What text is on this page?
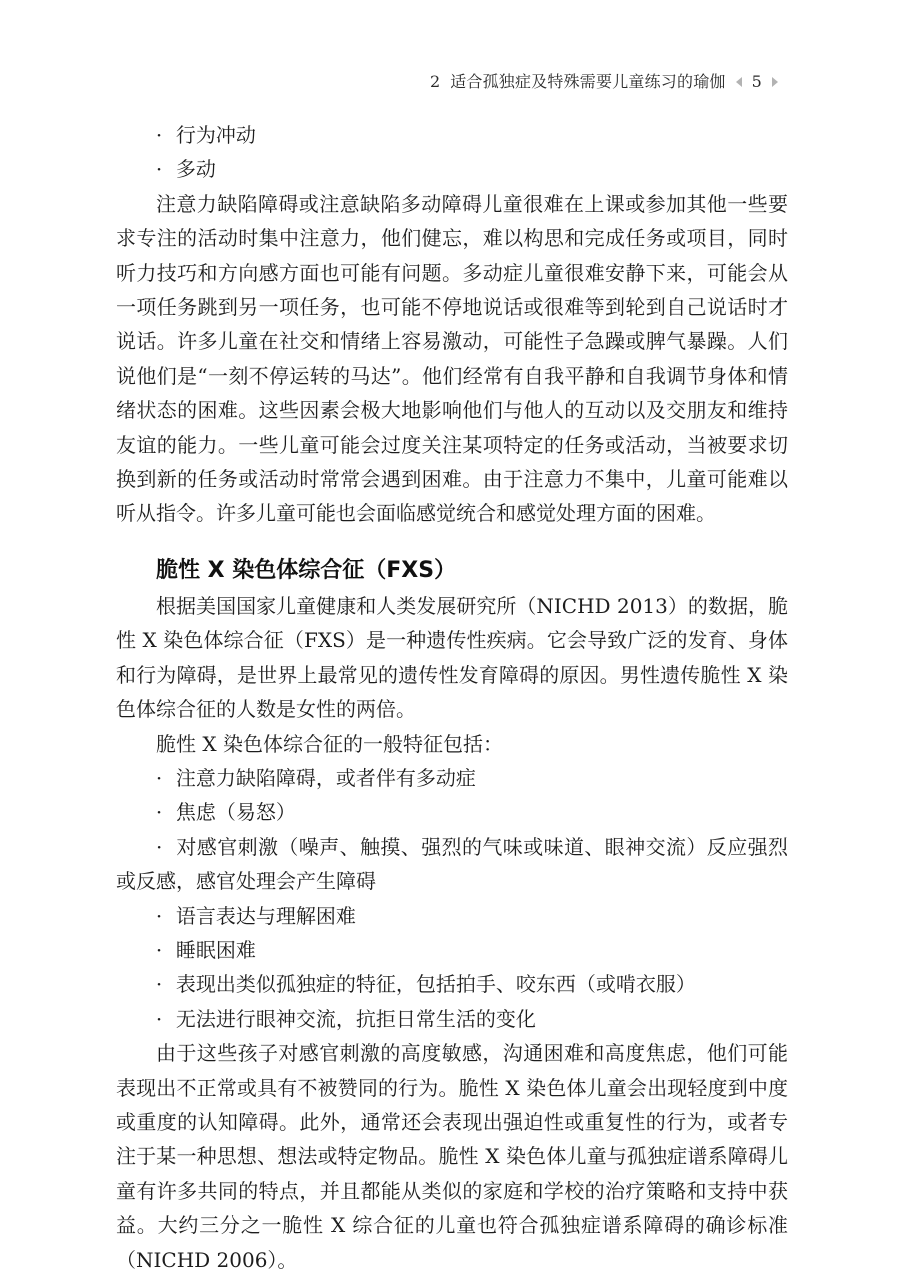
2 适合孤独症及特殊需要儿童练习的瑜伽 5

· 行为冲动

· 多动

注意力缺陷障碍或注意缺陷多动障碍儿童很难在上课或参加其他一些要求专注的活动时集中注意力，他们健忘，难以构思和完成任务或项目，同时听力技巧和方向感方面也可能有问题。多动症儿童很难安静下来，可能会从一项任务跳到另一项任务，也可能不停地说话或很难等到轮到自己说话时才说话。许多儿童在社交和情绪上容易激动，可能性子急躁或脾气暴躁。人们说他们是“一刻不停运转的马达”。他们经常有自我平静和自我调节身体和情绪状态的困难。这些因素会极大地影响他们与他人的互动以及交朋友和维持友谊的能力。一些儿童可能会过度关注某项特定的任务或活动，当被要求切换到新的任务或活动时常常会遇到困难。由于注意力不集中，儿童可能难以听从指令。许多儿童可能也会面临感觉统合和感觉处理方面的困难。

脆性 X 染色体综合征（FXS）

根据美国国家儿童健康和人类发展研究所（NICHD 2013）的数据，脆性 X 染色体综合征（FXS）是一种遗传性疾病。它会导致广泛的发育、身体和行为障碍，是世界上最常见的遗传性发育障碍的原因。男性遗传脆性 X 染色体综合征的人数是女性的两倍。

脆性 X 染色体综合征的一般特征包括：

· 注意力缺陷障碍，或者伴有多动症

· 焦虑（易怒）

· 对感官刺激（噪声、触摸、强烈的气味或味道、眼神交流）反应强烈或反感，感官处理会产生障碍

· 语言表达与理解困难

· 睡眠困难

· 表现出类似孤独症的特征，包括拍手、咬东西（或啃衣服）

· 无法进行眼神交流，抗拒日常生活的变化

由于这些孩子对感官刺激的高度敏感，沟通困难和高度焦虑，他们可能表现出不正常或具有不被赞同的行为。脆性 X 染色体儿童会出现轻度到中度或重度的认知障碍。此外，通常还会表现出强迫性或重复性的行为，或者专注于某一种思想、想法或特定物品。脆性 X 染色体儿童与孤独症谱系障碍儿童有许多共同的特点，并且都能从类似的家庭和学校的治疗策略和支持中获益。大约三分之一脆性 X 综合征的儿童也符合孤独症谱系障碍的确诊标准（NICHD 2006）。
